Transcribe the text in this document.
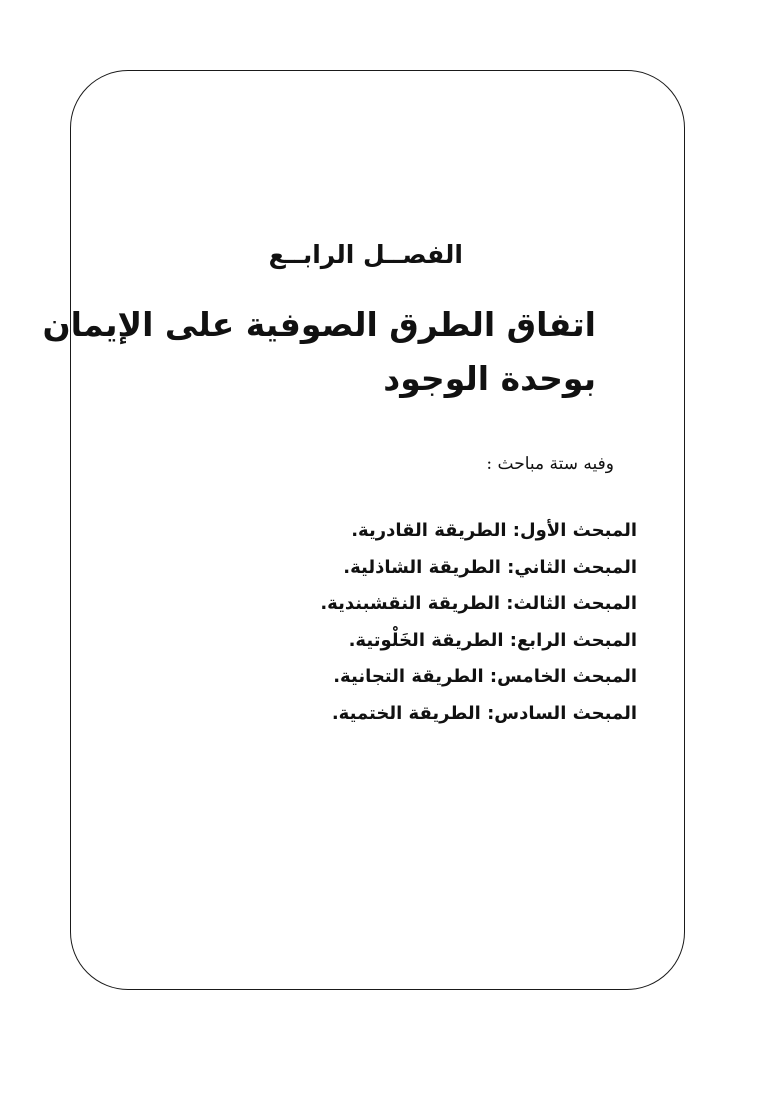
الفصــل الرابــع
اتفاق الطرق الصوفية على الإيمان
بوحدة الوجود
وفيه ستة مباحث :
المبحث الأول: الطريقة القادرية.
المبحث الثاني: الطريقة الشاذلية.
المبحث الثالث: الطريقة النقشبندية.
المبحث الرابع: الطريقة الخَلْوتية.
المبحث الخامس: الطريقة التجانية.
المبحث السادس: الطريقة الختمية.
